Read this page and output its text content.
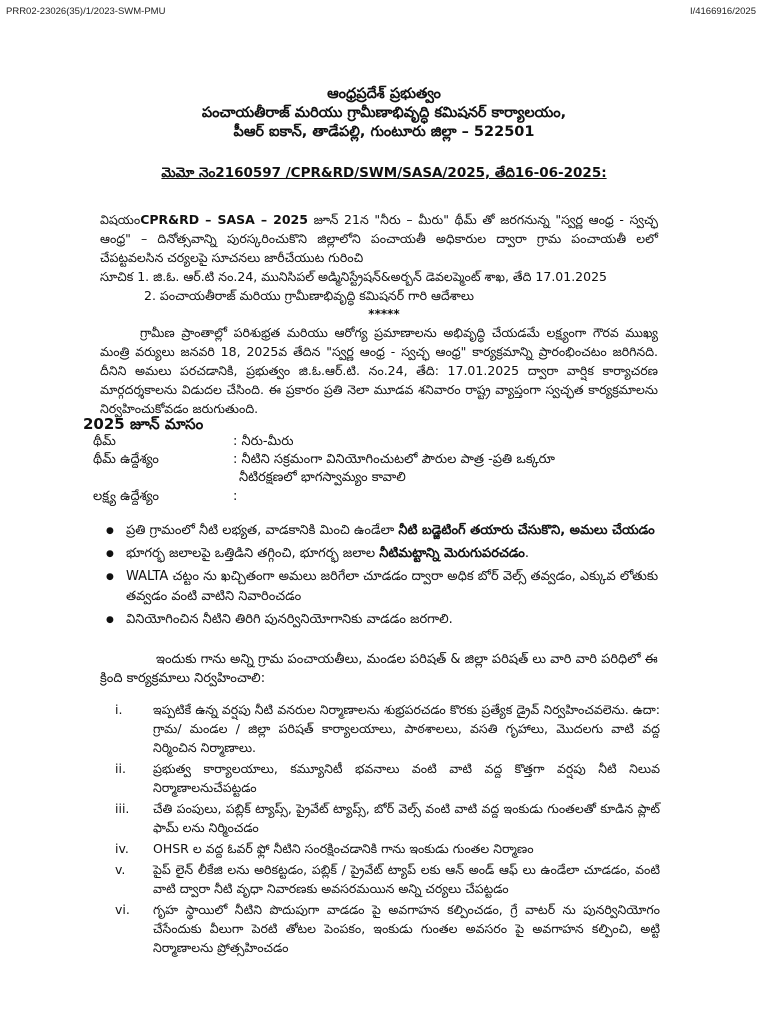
PRR02-23026(35)/1/2023-SWM-PMU	I/4166916/2025
ఆంధ్రప్రదేశ్ ప్రభుత్వం
పంచాయతీరాజ్ మరియు గ్రామీణాభివృద్ధి కమిషనర్ కార్యాలయం,
పీఆర్ ఐకాన్, తాడేపల్లి, గుంటూరు జిల్లా – 522501
మెమో నెం2160597 /CPR&RD/SWM/SASA/2025, తేది16-06-2025:
విషయంCPR&RD – SASA – 2025 జూన్ 21న "నీరు – మీరు" థీమ్ తో జరగనున్న "స్వర్ణ ఆంధ్ర - స్వచ్ఛ ఆంధ్ర" – దినోత్సవాన్ని పురస్కరించుకొని జిల్లాలోని పంచాయతీ అధికారుల ద్వారా గ్రామ పంచాయతీ లలో చేపట్టవలసిన చర్యలపై సూచనలు జారీచేయుట గురించి
సూచిక 1. జి.ఓ. ఆర్.టి నం.24, మునిసిపల్ అడ్మినిస్ట్రేషన్&అర్బన్ డెవలప్మెంట్ శాఖ, తేది 17.01.2025
2. పంచాయతీరాజ్ మరియు గ్రామీణాభివృద్ధి కమిషనర్ గారి ఆదేశాలు
*****
గ్రామీణ ప్రాంతాల్లో పరిశుభ్రత మరియు ఆరోగ్య ప్రమాణాలను అభివృద్ధి చేయడమే లక్ష్యంగా గౌరవ ముఖ్య మంత్రి వర్యులు జనవరి 18, 2025వ తేదిన "స్వర్ణ ఆంధ్ర - స్వచ్ఛ ఆంధ్ర" కార్యక్రమాన్ని ప్రారంభించటం జరిగినది. దీనిని అమలు పరచడానికి, ప్రభుత్వం జి.ఓ.ఆర్.టి. నం.24, తేది: 17.01.2025 ద్వారా వార్షిక కార్యాచరణ మార్గదర్శకాలను విడుదల చేసింది. ఈ ప్రకారం ప్రతి నెలా మూడవ శనివారం రాష్ట్ర వ్యాప్తంగా స్వచ్ఛత కార్యక్రమాలను నిర్వహించుకోవడం జరుగుతుంది.
2025 జూన్ మాసం
థీమ్	: నీరు-మీరు
థీమ్ ఉద్దేశ్యం	: నీటిని సక్రమంగా వినియోగించుటలో పౌరుల పాత్ర -ప్రతి ఒక్కరూ
నీటిరక్షణలో భాగస్వామ్యం కావాలి
లక్ష్య ఉద్దేశ్యం	:
● ప్రతి గ్రామంలో నీటి లభ్యత, వాడకానికి మించి ఉండేలా నీటి బడ్జెటింగ్ తయారు చేసుకొని, అమలు చేయడం
● భూగర్భ జలాలపై ఒత్తిడిని తగ్గించి, భూగర్భ జలాల నీటిమట్టాన్ని మెరుగుపరచడం.
● WALTA చట్టం ను ఖచ్చితంగా అమలు జరిగేలా చూడడం ద్వారా అధిక బోర్ వెల్స్ తవ్వడం, ఎక్కువ లోతుకు తవ్వడం వంటి వాటిని నివారించడం
● వినియోగించిన నీటిని తిరిగి పునర్వినియోగానికు వాడడం జరగాలి.
ఇందుకు గాను అన్ని గ్రామ పంచాయతీలు, మండల పరిషత్ & జిల్లా పరిషత్ లు వారి వారి పరిధిలో ఈ క్రింది కార్యక్రమాలు నిర్వహించాలి:
i. ఇప్పటికే ఉన్న వర్షపు నీటి వనరుల నిర్మాణాలను శుభ్రపరచడం కొరకు ప్రత్యేక డ్రైవ్ నిర్వహించవలెను. ఉదా: గ్రామ/ మండల / జిల్లా పరిషత్ కార్యాలయాలు, పాఠశాలలు, వసతి గృహాలు, మొదలగు వాటి వద్ద నిర్మించిన నిర్మాణాలు.
ii. ప్రభుత్వ కార్యాలయాలు, కమ్యూనిటీ భవనాలు వంటి వాటి వద్ద కొత్తగా వర్షపు నీటి నిలువ నిర్మాణాలనుచేపట్టడం
iii. చేతి పంపులు, పబ్లిక్ ట్యాప్స్, ప్రైవేట్ ట్యాప్స్, బోర్ వెల్స్ వంటి వాటి వద్ద ఇంకుడు గుంతలతో కూడిన ప్లాట్ ఫామ్ లను నిర్మించడం
iv. OHSR ల వద్ద ఓవర్ ఫ్లో నీటిని సంరక్షించడానికి గాను ఇంకుడు గుంతల నిర్మాణం
v. పైప్ లైన్ లీకేజి లను అరికట్టడం, పబ్లిక్ / ప్రైవేట్ ట్యాప్ లకు ఆన్ అండ్ ఆఫ్ లు ఉండేలా చూడడం, వంటి వాటి ద్వారా నీటి వృధా నివారణకు అవసరమయిన అన్ని చర్యలు చేపట్టడం
vi. గృహ స్థాయిలో నీటిని పొదుపుగా వాడడం పై అవగాహన కల్పించడం, గ్రే వాటర్ ను పునర్వినియోగం చేసేందుకు వీలుగా పెరటి తోటల పెంపకం, ఇంకుడు గుంతల అవసరం పై అవగాహన కల్పించి, అట్టి నిర్మాణాలను ప్రోత్సహించడం
